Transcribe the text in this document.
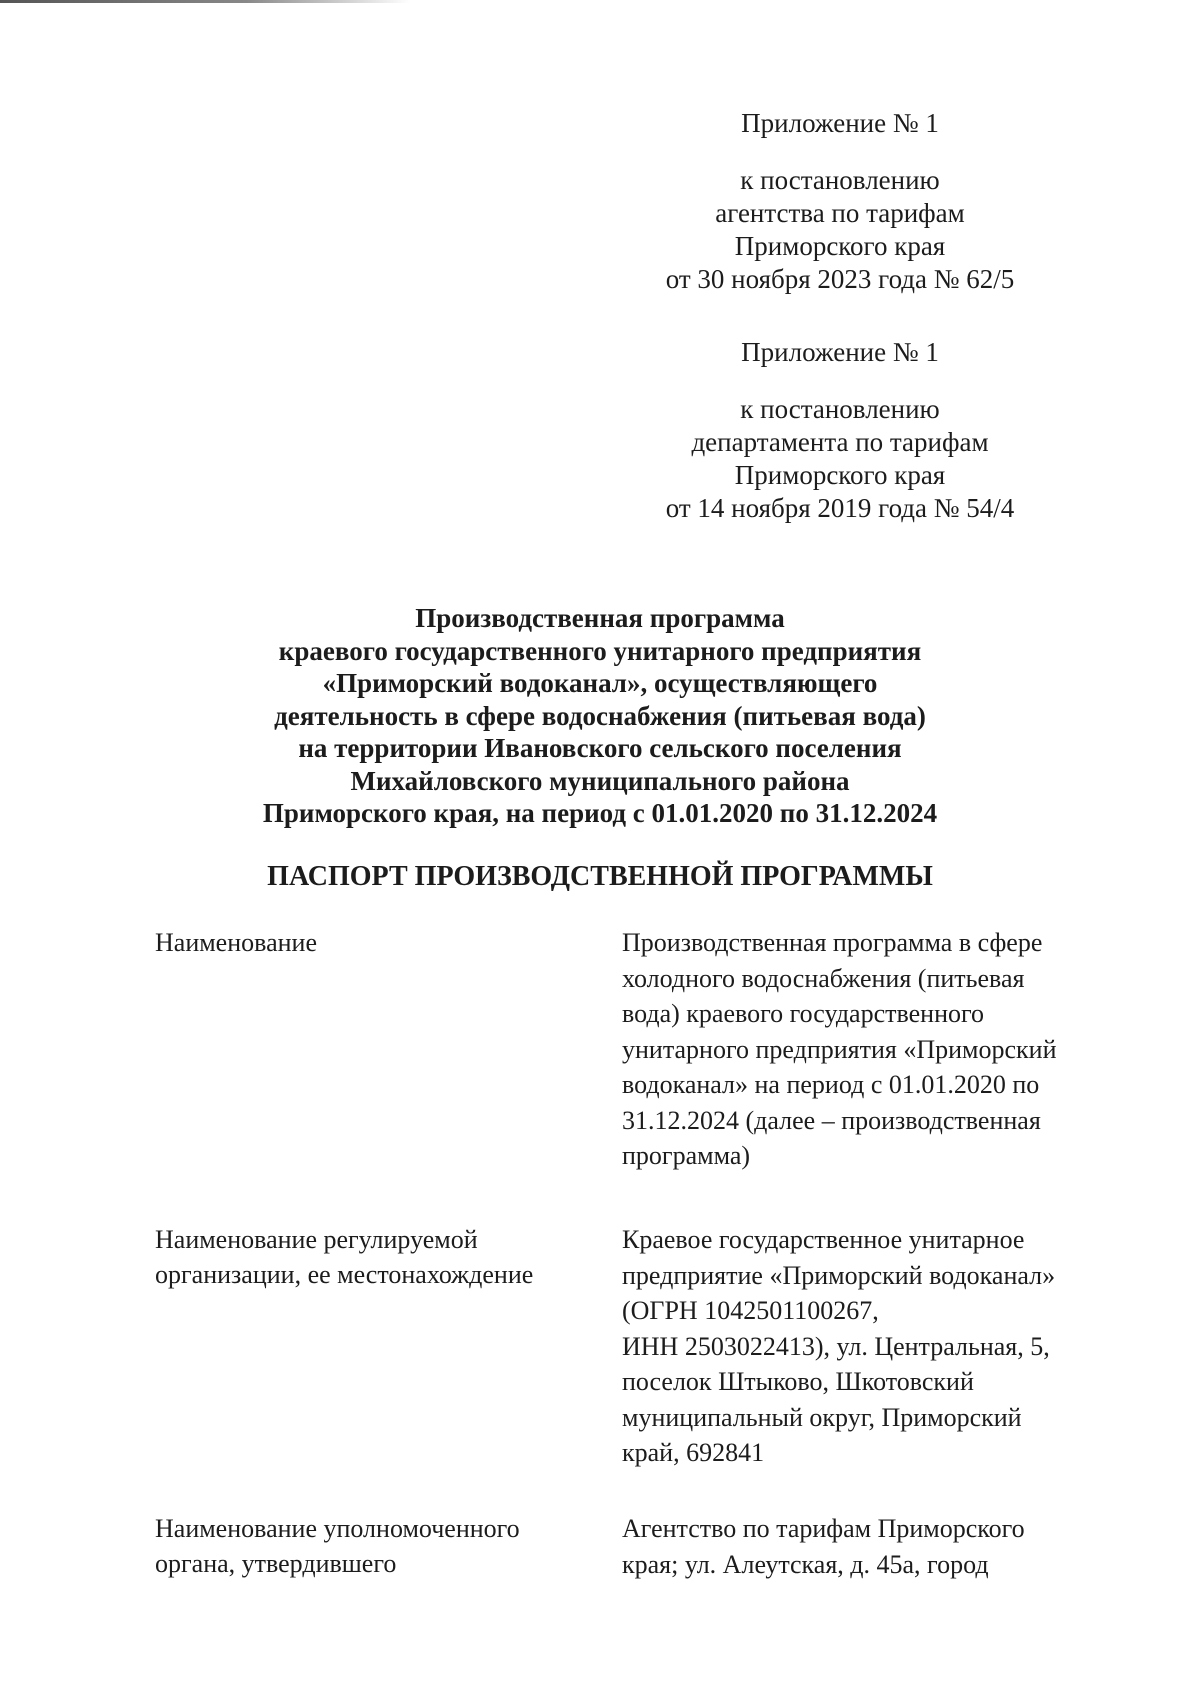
Приложение № 1
к постановлению
агентства по тарифам
Приморского края
от 30 ноября 2023 года № 62/5
Приложение № 1
к постановлению
департамента по тарифам
Приморского края
от 14 ноября 2019 года № 54/4
Производственная программа
краевого государственного унитарного предприятия
«Приморский водоканал», осуществляющего
деятельность в сфере водоснабжения (питьевая вода)
на территории Ивановского сельского поселения
Михайловского муниципального района
Приморского края, на период с 01.01.2020 по 31.12.2024
ПАСПОРТ ПРОИЗВОДСТВЕННОЙ ПРОГРАММЫ
Наименование	Производственная программа в сфере
холодного водоснабжения (питьевая
вода) краевого государственного
унитарного предприятия «Приморский
водоканал» на период с 01.01.2020 по
31.12.2024 (далее – производственная
программа)
Наименование регулируемой
организации, ее местонахождение
Краевое государственное унитарное
предприятие «Приморский водоканал»
(ОГРН 1042501100267,
ИНН 2503022413), ул. Центральная, 5,
поселок Штыково, Шкотовский
муниципальный округ, Приморский
край, 692841
Наименование уполномоченного
органа, утвердившего
Агентство по тарифам Приморского
края; ул. Алеутская, д. 45а, город
